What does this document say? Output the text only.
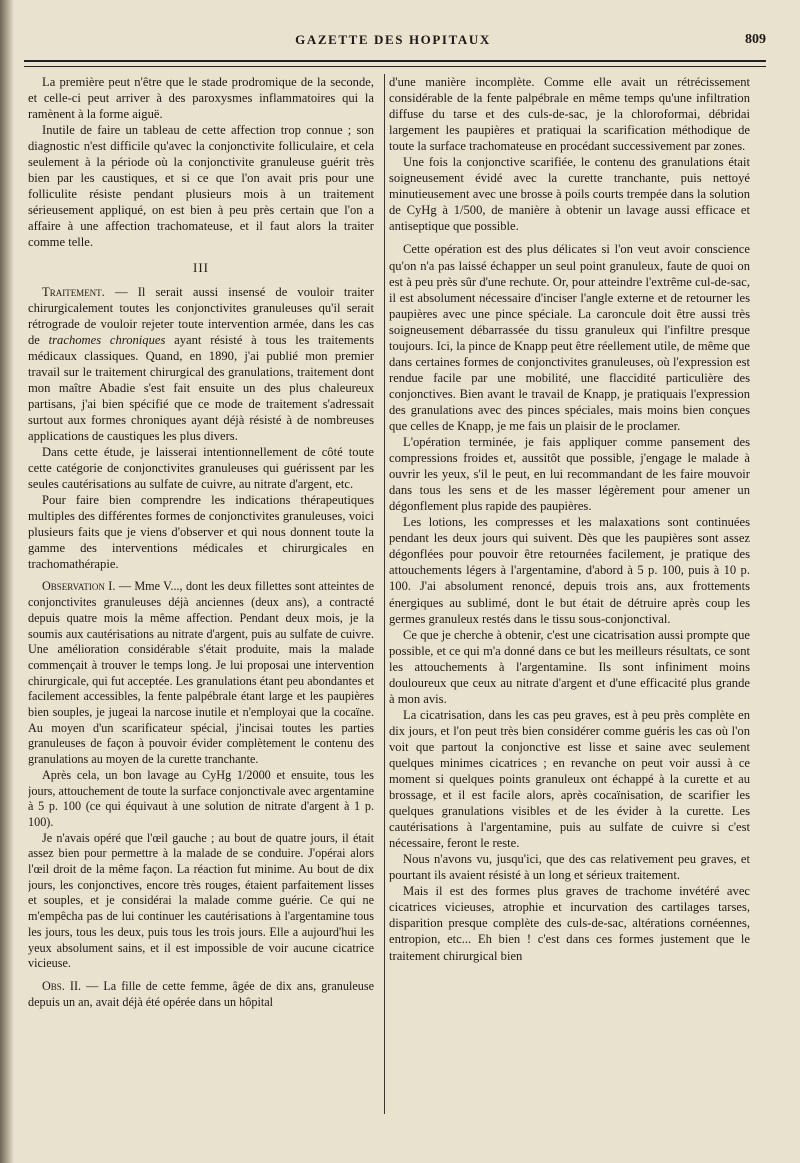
GAZETTE DES HOPITAUX	809

La première peut n'être que le stade prodromique de la seconde, et celle-ci peut arriver à des paroxysmes inflammatoires qui la ramènent à la forme aiguë.

Inutile de faire un tableau de cette affection trop connue ; son diagnostic n'est difficile qu'avec la conjonctivite folliculaire, et cela seulement à la période où la conjonctivite granuleuse guérit très bien par les caustiques, et si ce que l'on avait pris pour une folliculite résiste pendant plusieurs mois à un traitement sérieusement appliqué, on est bien à peu près certain que l'on a affaire à une affection trachomateuse, et il faut alors la traiter comme telle.

III

Traitement. — Il serait aussi insensé de vouloir traiter chirurgicalement toutes les conjonctivites granuleuses qu'il serait rétrograde de vouloir rejeter toute intervention armée, dans les cas de trachomes chroniques ayant résisté à tous les traitements médicaux classiques. Quand, en 1890, j'ai publié mon premier travail sur le traitement chirurgical des granulations, traitement dont mon maître Abadie s'est fait ensuite un des plus chaleureux partisans, j'ai bien spécifié que ce mode de traitement s'adressait surtout aux formes chroniques ayant déjà résisté à de nombreuses applications de caustiques les plus divers.

Dans cette étude, je laisserai intentionnellement de côté toute cette catégorie de conjonctivites granuleuses qui guérissent par les seules cautérisations au sulfate de cuivre, au nitrate d'argent, etc.

Pour faire bien comprendre les indications thérapeutiques multiples des différentes formes de conjonctivites granuleuses, voici plusieurs faits que je viens d'observer et qui nous donnent toute la gamme des interventions médicales et chirurgicales en trachomathérapie.

Observation I. — Mme V..., dont les deux fillettes sont atteintes de conjonctivites granuleuses déjà anciennes (deux ans), a contracté depuis quatre mois la même affection. Pendant deux mois, je la soumis aux cautérisations au nitrate d'argent, puis au sulfate de cuivre. Une amélioration considérable s'était produite, mais la malade commençait à trouver le temps long. Je lui proposai une intervention chirurgicale, qui fut acceptée. Les granulations étant peu abondantes et facilement accessibles, la fente palpébrale étant large et les paupières bien souples, je jugeai la narcose inutile et n'employai que la cocaïne. Au moyen d'un scarificateur spécial, j'incisai toutes les parties granuleuses de façon à pouvoir évider complètement le contenu des granulations au moyen de la curette tranchante.

Après cela, un bon lavage au CyHg 1/2000 et ensuite, tous les jours, attouchement de toute la surface conjonctivale avec argentamine à 5 p. 100 (ce qui équivaut à une solution de nitrate d'argent à 1 p. 100).

Je n'avais opéré que l'œil gauche ; au bout de quatre jours, il était assez bien pour permettre à la malade de se conduire. J'opérai alors l'œil droit de la même façon. La réaction fut minime. Au bout de dix jours, les conjonctives, encore très rouges, étaient parfaitement lisses et souples, et je considérai la malade comme guérie. Ce qui ne m'empêcha pas de lui continuer les cautérisations à l'argentamine tous les jours, tous les deux, puis tous les trois jours. Elle a aujourd'hui les yeux absolument sains, et il est impossible de voir aucune cicatrice vicieuse.

Obs. II. — La fille de cette femme, âgée de dix ans, granuleuse depuis un an, avait déjà été opérée dans un hôpital

d'une manière incomplète. Comme elle avait un rétrécissement considérable de la fente palpébrale en même temps qu'une infiltration diffuse du tarse et des culs-de-sac, je la chloroformai, débridai largement les paupières et pratiquai la scarification méthodique de toute la surface trachomateuse en procédant successivement par zones.

Une fois la conjonctive scarifiée, le contenu des granulations était soigneusement évidé avec la curette tranchante, puis nettoyé minutieusement avec une brosse à poils courts trempée dans la solution de CyHg à 1/500, de manière à obtenir un lavage aussi efficace et antiseptique que possible.

Cette opération est des plus délicates si l'on veut avoir conscience qu'on n'a pas laissé échapper un seul point granuleux, faute de quoi on est à peu près sûr d'une rechute. Or, pour atteindre l'extrême cul-de-sac, il est absolument nécessaire d'inciser l'angle externe et de retourner les paupières avec une pince spéciale. La caroncule doit être aussi très soigneusement débarrassée du tissu granuleux qui l'infiltre presque toujours. Ici, la pince de Knapp peut être réellement utile, de même que dans certaines formes de conjonctivites granuleuses, où l'expression est rendue facile par une mobilité, une flaccidité particulière des conjonctives. Bien avant le travail de Knapp, je pratiquais l'expression des granulations avec des pinces spéciales, mais moins bien conçues que celles de Knapp, je me fais un plaisir de le proclamer.

L'opération terminée, je fais appliquer comme pansement des compressions froides et, aussitôt que possible, j'engage le malade à ouvrir les yeux, s'il le peut, en lui recommandant de les faire mouvoir dans tous les sens et de les masser légèrement pour amener un dégonflement plus rapide des paupières.

Les lotions, les compresses et les malaxations sont continuées pendant les deux jours qui suivent. Dès que les paupières sont assez dégonflées pour pouvoir être retournées facilement, je pratique des attouchements légers à l'argentamine, d'abord à 5 p. 100, puis à 10 p. 100. J'ai absolument renoncé, depuis trois ans, aux frottements énergiques au sublimé, dont le but était de détruire après coup les germes granuleux restés dans le tissu sous-conjonctival.

Ce que je cherche à obtenir, c'est une cicatrisation aussi prompte que possible, et ce qui m'a donné dans ce but les meilleurs résultats, ce sont les attouchements à l'argentamine. Ils sont infiniment moins douloureux que ceux au nitrate d'argent et d'une efficacité plus grande à mon avis.

La cicatrisation, dans les cas peu graves, est à peu près complète en dix jours, et l'on peut très bien considérer comme guéris les cas où l'on voit que partout la conjonctive est lisse et saine avec seulement quelques minimes cicatrices ; en revanche on peut voir aussi à ce moment si quelques points granuleux ont échappé à la curette et au brossage, et il est facile alors, après cocaïnisation, de scarifier les quelques granulations visibles et de les évider à la curette. Les cautérisations à l'argentamine, puis au sulfate de cuivre si c'est nécessaire, feront le reste.

Nous n'avons vu, jusqu'ici, que des cas relativement peu graves, et pourtant ils avaient résisté à un long et sérieux traitement.

Mais il est des formes plus graves de trachome invétéré avec cicatrices vicieuses, atrophie et incurvation des cartilages tarses, disparition presque complète des culs-de-sac, altérations cornéennes, entropion, etc... Eh bien ! c'est dans ces formes justement que le traitement chirurgical bien
